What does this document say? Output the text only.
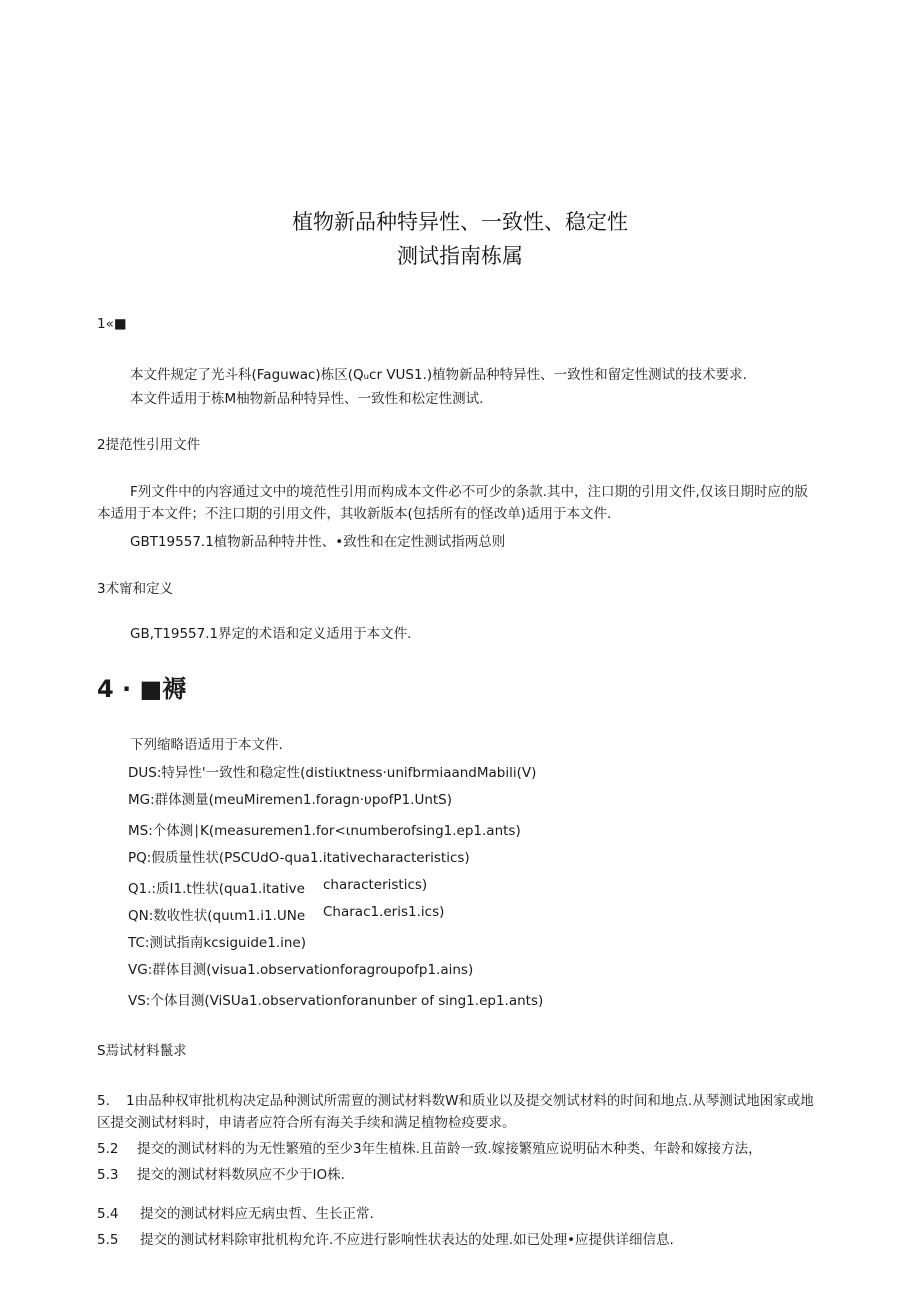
植物新品种特异性、一致性、稳定性
测试指南栋属
1«■
本文件规定了光斗科(Faguwac)栋区(Qᵤcr VUS1.)植物新品种特异性、一致性和留定性测试的技术要求.
本文件适用于栋M柚物新品种特异性、一致性和松定性测试.
2提范性引用文件
F列文件中的内容通过文中的境范性引用而构成本文件必不可少的条款.其中，注口期的引用文件,仅该日期时应的版本适用于本文件；不注口期的引用文件，其收新版本(包括所有的怪改单)适用于本文件.
GBT19557.1植物新品种特井性、•致性和在定性测试指两总则
3术甯和定义
GB,T19557.1界定的术语和定义适用于本文件.
4 · ■褥
下列缩略语适用于本文件.
DUS:特异性'一致性和稳定性(distiικtness·unifbrmiaandMabili(V)
MG:群体测量(meuMiremen1.foragn·υpofP1.UntS)
MS:个体测∣K(measuremen1.for<ιnumberofsing1.ep1.ants)
PQ:假质量性状(PSCUdO-qua1.itativecharacteristics)
Q1.:质I1.t性状(qua1.itative characteristics)
QN:数收性状(quιm1.i1.UNe Charac1.eris1.ics)
TC:测试指南kcsiguide1.ine)
VG:群体目测(visua1.observationforagroupofp1.ains)
VS:个体目测(ViSUa1.observationforanunber of sing1.ep1.ants)
S焉试材料鬣求
5. 1由品种权审批机构决定品种测试所需亶的测试材料数W和质业以及提交刎试材料的时间和地点.从琴测试地困家或地区提交测试材料时，申请者应符合所有海关手续和满足植物检疫要求。
5.2 提交的测试材料的为无性繁殖的至少3年生植株.且苗龄一致.嫁接繁殖应说明砧木种类、年龄和嫁接方法，
5.3 提交的测试材料数夙应不少于IO株.
5.4 提交的测试材料应无病虫哲、生长正常.
5.5 提交的测试材料除审批机构允许.不应进行影响性状表达的处理.如已处理•应提供详细信息.
